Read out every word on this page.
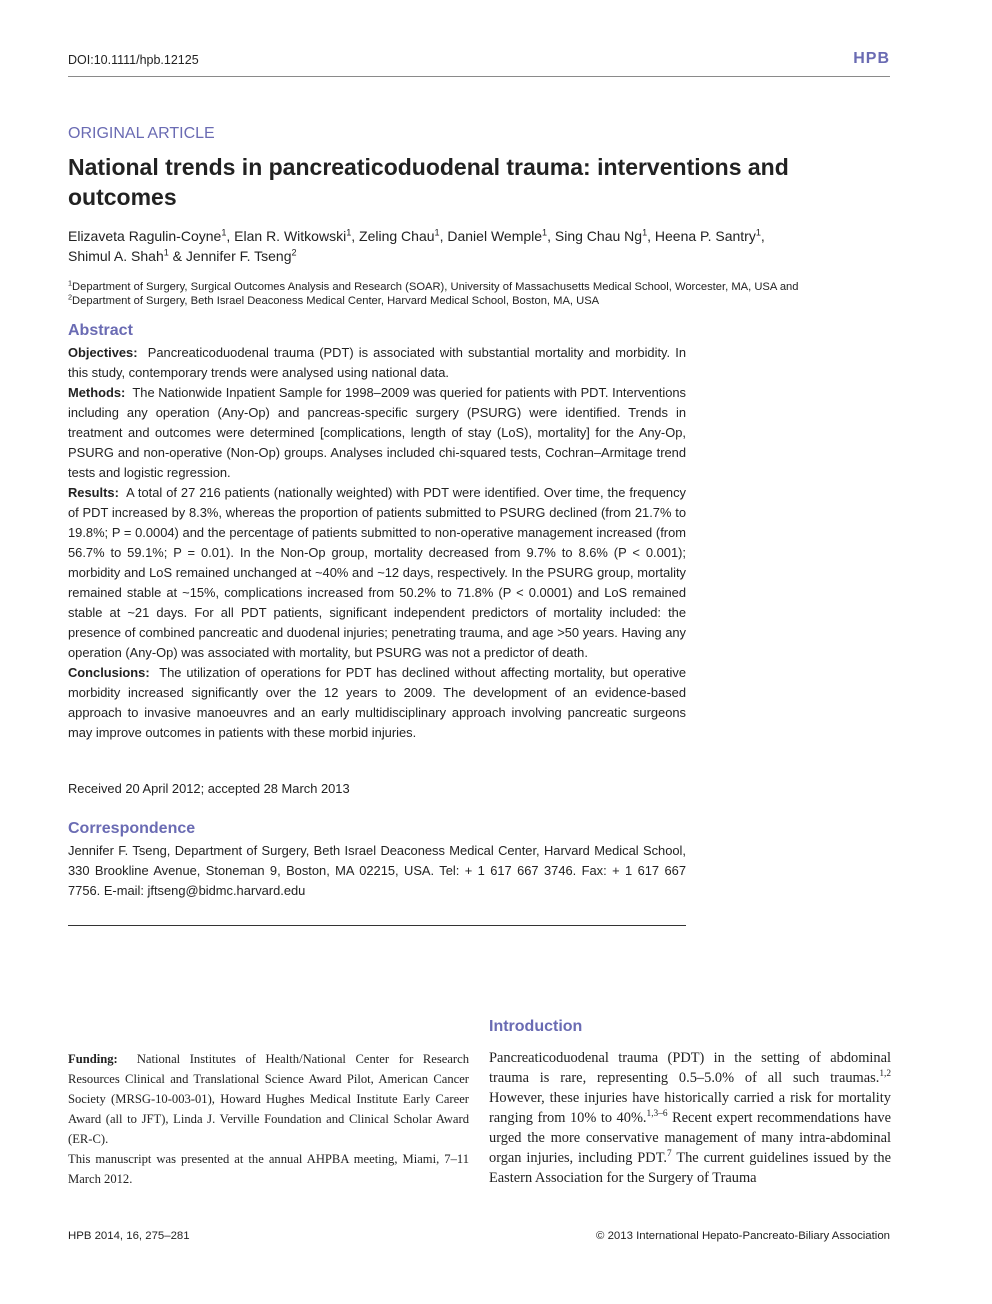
DOI:10.1111/hpb.12125	HPB
ORIGINAL ARTICLE
National trends in pancreaticoduodenal trauma: interventions and outcomes
Elizaveta Ragulin-Coyne$^1$, Elan R. Witkowski$^1$, Zeling Chau$^1$, Daniel Wemple$^1$, Sing Chau Ng$^1$, Heena P. Santry$^1$,
Shimul A. Shah$^1$ & Jennifer F. Tseng$^2$
$^1$Department of Surgery, Surgical Outcomes Analysis and Research (SOAR), University of Massachusetts Medical School, Worcester, MA, USA and
$^2$Department of Surgery, Beth Israel Deaconess Medical Center, Harvard Medical School, Boston, MA, USA
Abstract

Objectives: Pancreaticoduodenal trauma (PDT) is associated with substantial mortality and morbidity. In this study, contemporary trends were analysed using national data.

Methods: The Nationwide Inpatient Sample for 1998–2009 was queried for patients with PDT. Interventions including any operation (Any-Op) and pancreas-specific surgery (PSURG) were identified. Trends in treatment and outcomes were determined [complications, length of stay (LoS), mortality] for the Any-Op, PSURG and non-operative (Non-Op) groups. Analyses included chi-squared tests, Cochran–Armitage trend tests and logistic regression.

Results: A total of 27 216 patients (nationally weighted) with PDT were identified. Over time, the frequency of PDT increased by 8.3%, whereas the proportion of patients submitted to PSURG declined (from 21.7% to 19.8%; P = 0.0004) and the percentage of patients submitted to non-operative management increased (from 56.7% to 59.1%; P = 0.01). In the Non-Op group, mortality decreased from 9.7% to 8.6% (P < 0.001); morbidity and LoS remained unchanged at ~40% and ~12 days, respectively. In the PSURG group, mortality remained stable at ~15%, complications increased from 50.2% to 71.8% (P < 0.0001) and LoS remained stable at ~21 days. For all PDT patients, significant independent predictors of mortality included: the presence of combined pancreatic and duodenal injuries; penetrating trauma, and age >50 years. Having any operation (Any-Op) was associated with mortality, but PSURG was not a predictor of death.

Conclusions: The utilization of operations for PDT has declined without affecting mortality, but operative morbidity increased significantly over the 12 years to 2009. The development of an evidence-based approach to invasive manoeuvres and an early multidisciplinary approach involving pancreatic surgeons may improve outcomes in patients with these morbid injuries.

Received 20 April 2012; accepted 28 March 2013
Correspondence
Jennifer F. Tseng, Department of Surgery, Beth Israel Deaconess Medical Center, Harvard Medical School, 330 Brookline Avenue, Stoneman 9, Boston, MA 02215, USA. Tel: + 1 617 667 3746. Fax: + 1 617 667 7756. E-mail: jftseng@bidmc.harvard.edu

Funding: National Institutes of Health/National Center for Research Resources Clinical and Translational Science Award Pilot, American Cancer Society (MRSG-10-003-01), Howard Hughes Medical Institute Early Career Award (all to JFT), Linda J. Verville Foundation and Clinical Scholar Award (ER-C).

This manuscript was presented at the annual AHPBA meeting, Miami, 7–11 March 2012.

Introduction
Pancreaticoduodenal trauma (PDT) in the setting of abdominal trauma is rare, representing 0.5–5.0% of all such traumas.$^{1,2}$ However, these injuries have historically carried a risk for mortality ranging from 10% to 40%.$^{1,3-6}$ Recent expert recommendations have urged the more conservative management of many intra-abdominal organ injuries, including PDT.$^7$ The current guidelines issued by the Eastern Association for the Surgery of Trauma
HPB 2014, 16, 275–281	© 2013 International Hepato-Pancreato-Biliary Association
